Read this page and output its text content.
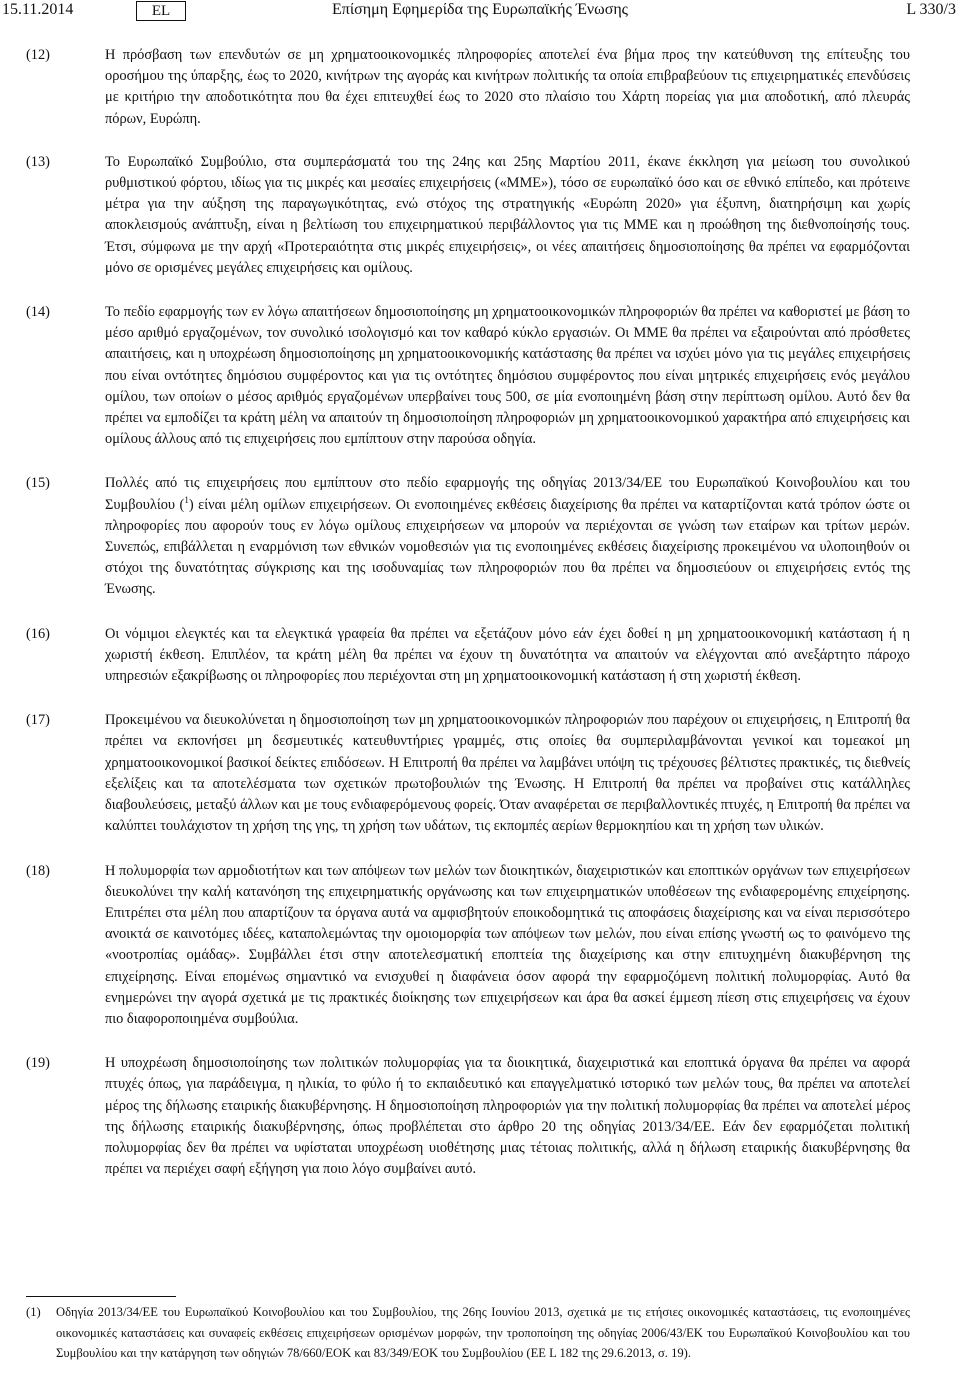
15.11.2014	EL	Επίσημη Εφημερίδα της Ευρωπαϊκής Ένωσης	L 330/3
(12)	Η πρόσβαση των επενδυτών σε μη χρηματοοικονομικές πληροφορίες αποτελεί ένα βήμα προς την κατεύθυνση της επίτευξης του οροσήμου της ύπαρξης, έως το 2020, κινήτρων της αγοράς και κινήτρων πολιτικής τα οποία επιβραβεύουν τις επιχειρηματικές επενδύσεις με κριτήριο την αποδοτικότητα που θα έχει επιτευχθεί έως το 2020 στο πλαίσιο του Χάρτη πορείας για μια αποδοτική, από πλευράς πόρων, Ευρώπη.
(13)	Το Ευρωπαϊκό Συμβούλιο, στα συμπεράσματά του της 24ης και 25ης Μαρτίου 2011, έκανε έκκληση για μείωση του συνολικού ρυθμιστικού φόρτου, ιδίως για τις μικρές και μεσαίες επιχειρήσεις («ΜΜΕ»), τόσο σε ευρωπαϊκό όσο και σε εθνικό επίπεδο, και πρότεινε μέτρα για την αύξηση της παραγωγικότητας, ενώ στόχος της στρατηγικής «Ευρώπη 2020» για έξυπνη, διατηρήσιμη και χωρίς αποκλεισμούς ανάπτυξη, είναι η βελτίωση του επιχειρηματικού περιβάλλοντος για τις ΜΜΕ και η προώθηση της διεθνοποίησής τους. Έτσι, σύμφωνα με την αρχή «Προτεραιότητα στις μικρές επιχειρήσεις», οι νέες απαιτήσεις δημοσιοποίησης θα πρέπει να εφαρμόζονται μόνο σε ορισμένες μεγάλες επιχειρήσεις και ομίλους.
(14)	Το πεδίο εφαρμογής των εν λόγω απαιτήσεων δημοσιοποίησης μη χρηματοοικονομικών πληροφοριών θα πρέπει να καθοριστεί με βάση το μέσο αριθμό εργαζομένων, τον συνολικό ισολογισμό και τον καθαρό κύκλο εργασιών. Οι ΜΜΕ θα πρέπει να εξαιρούνται από πρόσθετες απαιτήσεις, και η υποχρέωση δημοσιοποίησης μη χρηματοοικονομικής κατάστασης θα πρέπει να ισχύει μόνο για τις μεγάλες επιχειρήσεις που είναι οντότητες δημόσιου συμφέροντος και για τις οντότητες δημόσιου συμφέροντος που είναι μητρικές επιχειρήσεις ενός μεγάλου ομίλου, των οποίων ο μέσος αριθμός εργαζομένων υπερβαίνει τους 500, σε μία ενοποιημένη βάση στην περίπτωση ομίλου. Αυτό δεν θα πρέπει να εμποδίζει τα κράτη μέλη να απαιτούν τη δημοσιοποίηση πληροφοριών μη χρηματοοικονομικού χαρακτήρα από επιχειρήσεις και ομίλους άλλους από τις επιχειρήσεις που εμπίπτουν στην παρούσα οδηγία.
(15)	Πολλές από τις επιχειρήσεις που εμπίπτουν στο πεδίο εφαρμογής της οδηγίας 2013/34/ΕΕ του Ευρωπαϊκού Κοινοβουλίου και του Συμβουλίου ($^1$) είναι μέλη ομίλων επιχειρήσεων. Οι ενοποιημένες εκθέσεις διαχείρισης θα πρέπει να καταρτίζονται κατά τρόπον ώστε οι πληροφορίες που αφορούν τους εν λόγω ομίλους επιχειρήσεων να μπορούν να περιέχονται σε γνώση των εταίρων και τρίτων μερών. Συνεπώς, επιβάλλεται η εναρμόνιση των εθνικών νομοθεσιών για τις ενοποιημένες εκθέσεις διαχείρισης προκειμένου να υλοποιηθούν οι στόχοι της δυνατότητας σύγκρισης και της ισοδυναμίας των πληροφοριών που θα πρέπει να δημοσιεύουν οι επιχειρήσεις εντός της Ένωσης.
(16)	Οι νόμιμοι ελεγκτές και τα ελεγκτικά γραφεία θα πρέπει να εξετάζουν μόνο εάν έχει δοθεί η μη χρηματοοικονομική κατάσταση ή η χωριστή έκθεση. Επιπλέον, τα κράτη μέλη θα πρέπει να έχουν τη δυνατότητα να απαιτούν να ελέγχονται από ανεξάρτητο πάροχο υπηρεσιών εξακρίβωσης οι πληροφορίες που περιέχονται στη μη χρηματοοικονομική κατάσταση ή στη χωριστή έκθεση.
(17)	Προκειμένου να διευκολύνεται η δημοσιοποίηση των μη χρηματοοικονομικών πληροφοριών που παρέχουν οι επιχειρήσεις, η Επιτροπή θα πρέπει να εκπονήσει μη δεσμευτικές κατευθυντήριες γραμμές, στις οποίες θα συμπεριλαμβάνονται γενικοί και τομεακοί μη χρηματοοικονομικοί βασικοί δείκτες επιδόσεων. Η Επιτροπή θα πρέπει να λαμβάνει υπόψη τις τρέχουσες βέλτιστες πρακτικές, τις διεθνείς εξελίξεις και τα αποτελέσματα των σχετικών πρωτοβουλιών της Ένωσης. Η Επιτροπή θα πρέπει να προβαίνει στις κατάλληλες διαβουλεύσεις, μεταξύ άλλων και με τους ενδιαφερόμενους φορείς. Όταν αναφέρεται σε περιβαλλοντικές πτυχές, η Επιτροπή θα πρέπει να καλύπτει τουλάχιστον τη χρήση της γης, τη χρήση των υδάτων, τις εκπομπές αερίων θερμοκηπίου και τη χρήση των υλικών.
(18)	Η πολυμορφία των αρμοδιοτήτων και των απόψεων των μελών των διοικητικών, διαχειριστικών και εποπτικών οργάνων των επιχειρήσεων διευκολύνει την καλή κατανόηση της επιχειρηματικής οργάνωσης και των επιχειρηματικών υποθέσεων της ενδιαφερομένης επιχείρησης. Επιτρέπει στα μέλη που απαρτίζουν τα όργανα αυτά να αμφισβητούν εποικοδομητικά τις αποφάσεις διαχείρισης και να είναι περισσότερο ανοικτά σε καινοτόμες ιδέες, καταπολεμώντας την ομοιομορφία των απόψεων των μελών, που είναι επίσης γνωστή ως το φαινόμενο της «νοοτροπίας ομάδας». Συμβάλλει έτσι στην αποτελεσματική εποπτεία της διαχείρισης και στην επιτυχημένη διακυβέρνηση της επιχείρησης. Είναι επομένως σημαντικό να ενισχυθεί η διαφάνεια όσον αφορά την εφαρμοζόμενη πολιτική πολυμορφίας. Αυτό θα ενημερώνει την αγορά σχετικά με τις πρακτικές διοίκησης των επιχειρήσεων και άρα θα ασκεί έμμεση πίεση στις επιχειρήσεις να έχουν πιο διαφοροποιημένα συμβούλια.
(19)	Η υποχρέωση δημοσιοποίησης των πολιτικών πολυμορφίας για τα διοικητικά, διαχειριστικά και εποπτικά όργανα θα πρέπει να αφορά πτυχές όπως, για παράδειγμα, η ηλικία, το φύλο ή το εκπαιδευτικό και επαγγελματικό ιστορικό των μελών τους, θα πρέπει να αποτελεί μέρος της δήλωσης εταιρικής διακυβέρνησης. Η δημοσιοποίηση πληροφοριών για την πολιτική πολυμορφίας θα πρέπει να αποτελεί μέρος της δήλωσης εταιρικής διακυβέρνησης, όπως προβλέπεται στο άρθρο 20 της οδηγίας 2013/34/ΕΕ. Εάν δεν εφαρμόζεται πολιτική πολυμορφίας δεν θα πρέπει να υφίσταται υποχρέωση υιοθέτησης μιας τέτοιας πολιτικής, αλλά η δήλωση εταιρικής διακυβέρνησης θα πρέπει να περιέχει σαφή εξήγηση για ποιο λόγο συμβαίνει αυτό.
(1) Οδηγία 2013/34/ΕΕ του Ευρωπαϊκού Κοινοβουλίου και του Συμβουλίου, της 26ης Ιουνίου 2013, σχετικά με τις ετήσιες οικονομικές καταστάσεις, τις ενοποιημένες οικονομικές καταστάσεις και συναφείς εκθέσεις επιχειρήσεων ορισμένων μορφών, την τροποποίηση της οδηγίας 2006/43/ΕΚ του Ευρωπαϊκού Κοινοβουλίου και του Συμβουλίου και την κατάργηση των οδηγιών 78/660/ΕΟΚ και 83/349/ΕΟΚ του Συμβουλίου (ΕΕ L 182 της 29.6.2013, σ. 19).
